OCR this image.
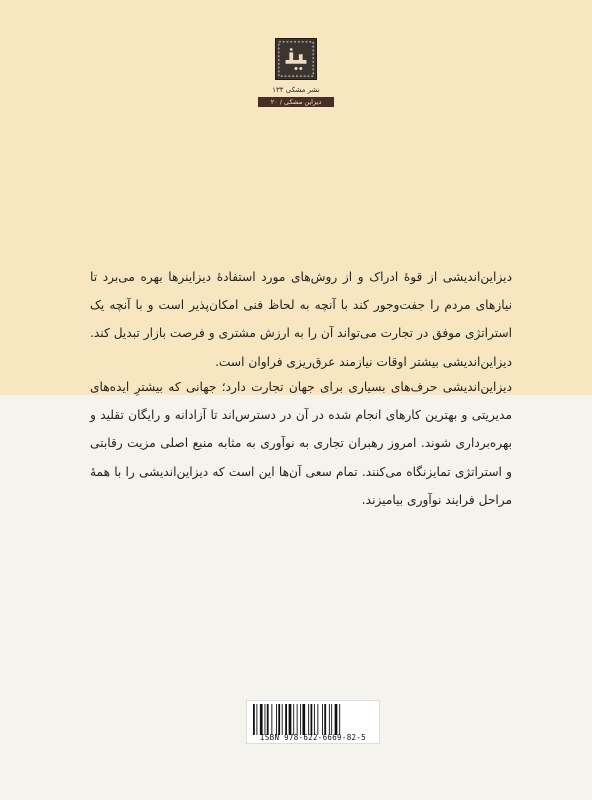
نشر مشکی ۱۳۴
دیزاین مشکی / ۲۰

دیزاین‌اندیشی از قوهٔ ادراک و از روش‌های مورد استفادهٔ دیزاینرها بهره می‌برد تا نیازهای مردم را جفت‌وجور کند با آنچه به لحاظ فنی امکان‌پذیر است و با آنچه یک استراتژی موفق در تجارت می‌تواند آن را به ارزش مشتری و فرصت بازار تبدیل کند. دیزاین‌اندیشی بیشتر اوقات نیازمند عرق‌ریزی فراوان است.

دیزاین‌اندیشی حرف‌های بسیاری برای جهان تجارت دارد؛ جهانی که بیشترِ ایده‌های مدیریتی و بهترین کارهای انجام شده در آن در دسترس‌اند تا آزادانه و رایگان تقلید و بهره‌برداری شوند. امروز رهبران تجاری به نوآوری به مثابه منبع اصلی مزیت رقابتی و استراتژی تمایزنگاه می‌کنند. تمام سعی آن‌ها این است که دیزاین‌اندیشی را با همهٔ مراحل فرایند نوآوری بیامیزند.

ISBN 978-622-6669-82-5
